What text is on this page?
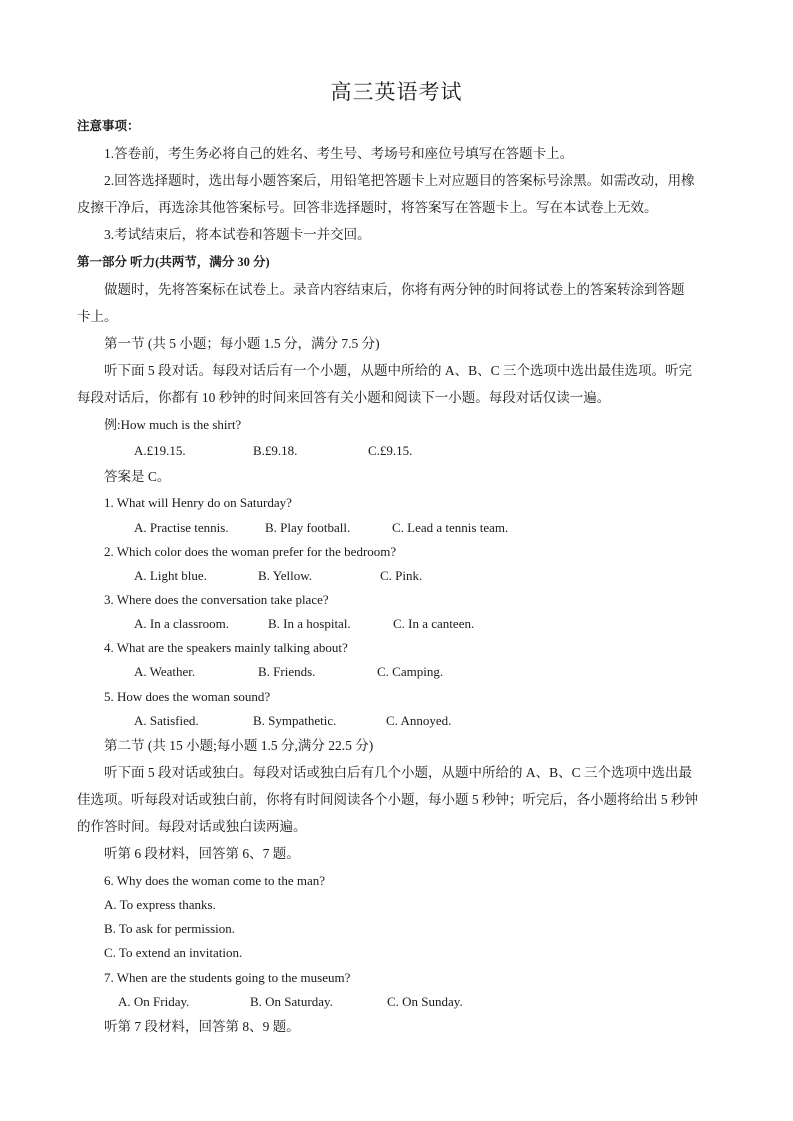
高三英语考试
注意事项：
1.答卷前，考生务必将自己的姓名、考生号、考场号和座位号填写在答题卡上。
2.回答选择题时，选出每小题答案后，用铅笔把答题卡上对应题目的答案标号涂黑。如需改动，用橡
皮擦干净后，再选涂其他答案标号。回答非选择题时，将答案写在答题卡上。写在本试卷上无效。
3.考试结束后，将本试卷和答题卡一并交回。
第一部分 听力(共两节，满分 30 分)
做题时，先将答案标在试卷上。录音内容结束后，你将有两分钟的时间将试卷上的答案转涂到答题
卡上。
第一节 (共 5 小题；每小题 1.5 分，满分 7.5 分)
听下面 5 段对话。每段对话后有一个小题，从题中所给的 A、B、C 三个选项中选出最佳选项。听完
每段对话后，你都有 10 秒钟的时间来回答有关小题和阅读下一小题。每段对话仅读一遍。
例:How much is the shirt?
A.£19.15.	B.£9.18.	C.£9.15.
答案是 C。
1. What will Henry do on Saturday?
A. Practise tennis.	B. Play football.	C. Lead a tennis team.
2. Which color does the woman prefer for the bedroom?
A. Light blue.	B. Yellow.	C. Pink.
3. Where does the conversation take place?
A. In a classroom.	B. In a hospital.	C. In a canteen.
4. What are the speakers mainly talking about?
A. Weather.	B. Friends.	C. Camping.
5. How does the woman sound?
A. Satisfied.	B. Sympathetic.	C. Annoyed.
第二节 (共 15 小题;每小题 1.5 分,满分 22.5 分)
听下面 5 段对话或独白。每段对话或独白后有几个小题，从题中所给的 A、B、C 三个选项中选出最
佳选项。听每段对话或独白前，你将有时间阅读各个小题，每小题 5 秒钟；听完后，各小题将给出 5 秒钟
的作答时间。每段对话或独白读两遍。
听第 6 段材料，回答第 6、7 题。
6. Why does the woman come to the man?
A. To express thanks.
B. To ask for permission.
C. To extend an invitation.
7. When are the students going to the museum?
A. On Friday.	B. On Saturday.	C. On Sunday.
听第 7 段材料，回答第 8、9 题。
